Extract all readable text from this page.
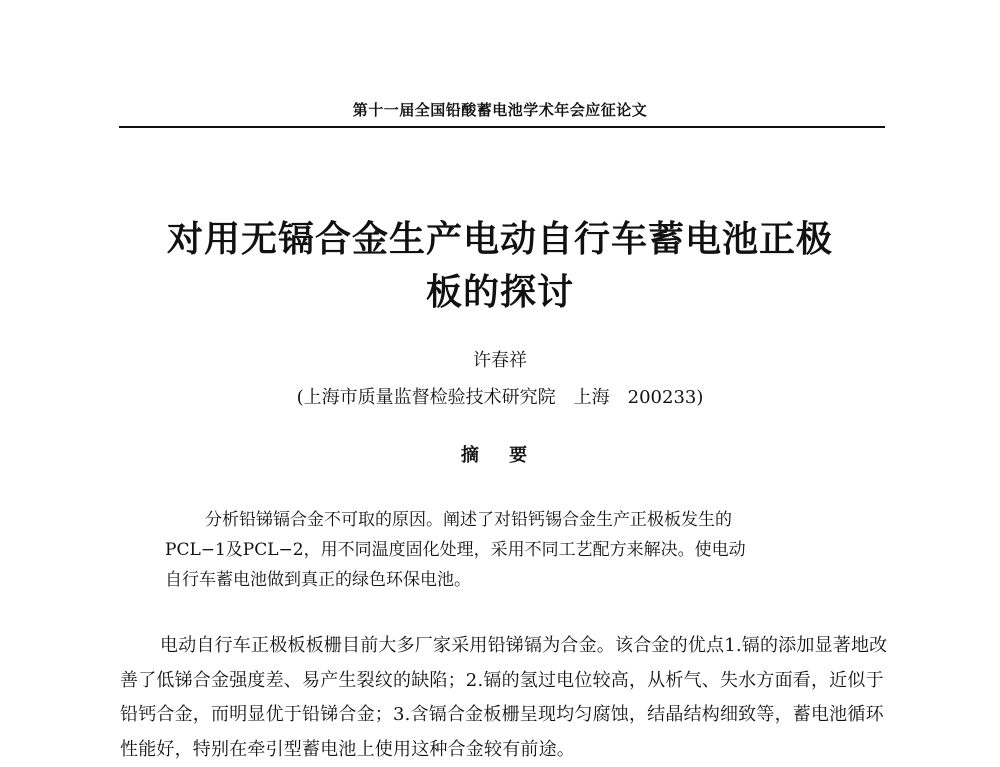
第十一届全国铅酸蓄电池学术年会应征论文
对用无镉合金生产电动自行车蓄电池正极
板的探讨
许春祥
(上海市质量监督检验技术研究院　上海　200233)
摘 要

分析铅锑镉合金不可取的原因。阐述了对铅钙锡合金生产正极板发生的

PCL−1及PCL−2，用不同温度固化处理，采用不同工艺配方来解决。使电动

自行车蓄电池做到真正的绿色环保电池。

电动自行车正极板板栅目前大多厂家采用铅锑镉为合金。该合金的优点1.镉的添加显著地改善了低锑合金强度差、易产生裂纹的缺陷；2.镉的氢过电位较高，从析气、失水方面看，近似于铅钙合金，而明显优于铅锑合金；3.含镉合金板栅呈现均匀腐蚀，结晶结构细致等，蓄电池循环性能好，特别在牵引型蓄电池上使用这种合金较有前途。
